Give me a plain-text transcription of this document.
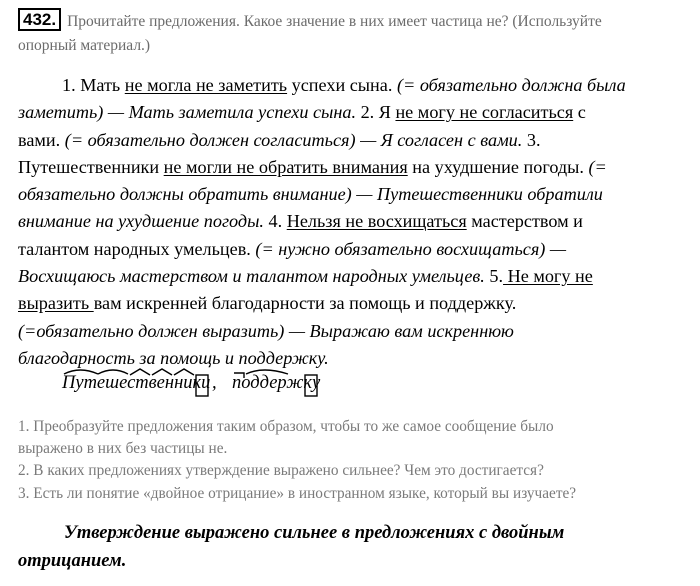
432. Прочитайте предложения. Какое значение в них имеет частица не? (Используйте
опорный материал.)
1. Мать не могла не заметить успехи сына. (= обязательно должна была
заметить) — Мать заметила успехи сына. 2. Я не могу не согласиться с
вами. (= обязательно должен согласиться) — Я согласен с вами. 3.
Путешественники не могли не обратить внимания на ухудшение погоды. (=
обязательно должны обратить внимание) — Путешественники обратили
внимание на ухудшение погоды. 4. Нельзя не восхищаться мастерством и
талантом народных умельцев. (= нужно обязательно восхищаться) —
Восхищаюсь мастерством и талантом народных умельцев. 5. Не могу не
выразить вам искренней благодарности за помощь и поддержку.
(=обязательно должен выразить) — Выражаю вам искреннюю
благодарность за помощь и поддержку.
Путешественники , поддержку
1. Преобразуйте предложения таким образом, чтобы то же самое сообщение было
выражено в них без частицы не.
2. В каких предложениях утверждение выражено сильнее? Чем это достигается?
3. Есть ли понятие «двойное отрицание» в иностранном языке, который вы изучаете?
Утверждение выражено сильнее в предложениях с двойным
отрицанием.
